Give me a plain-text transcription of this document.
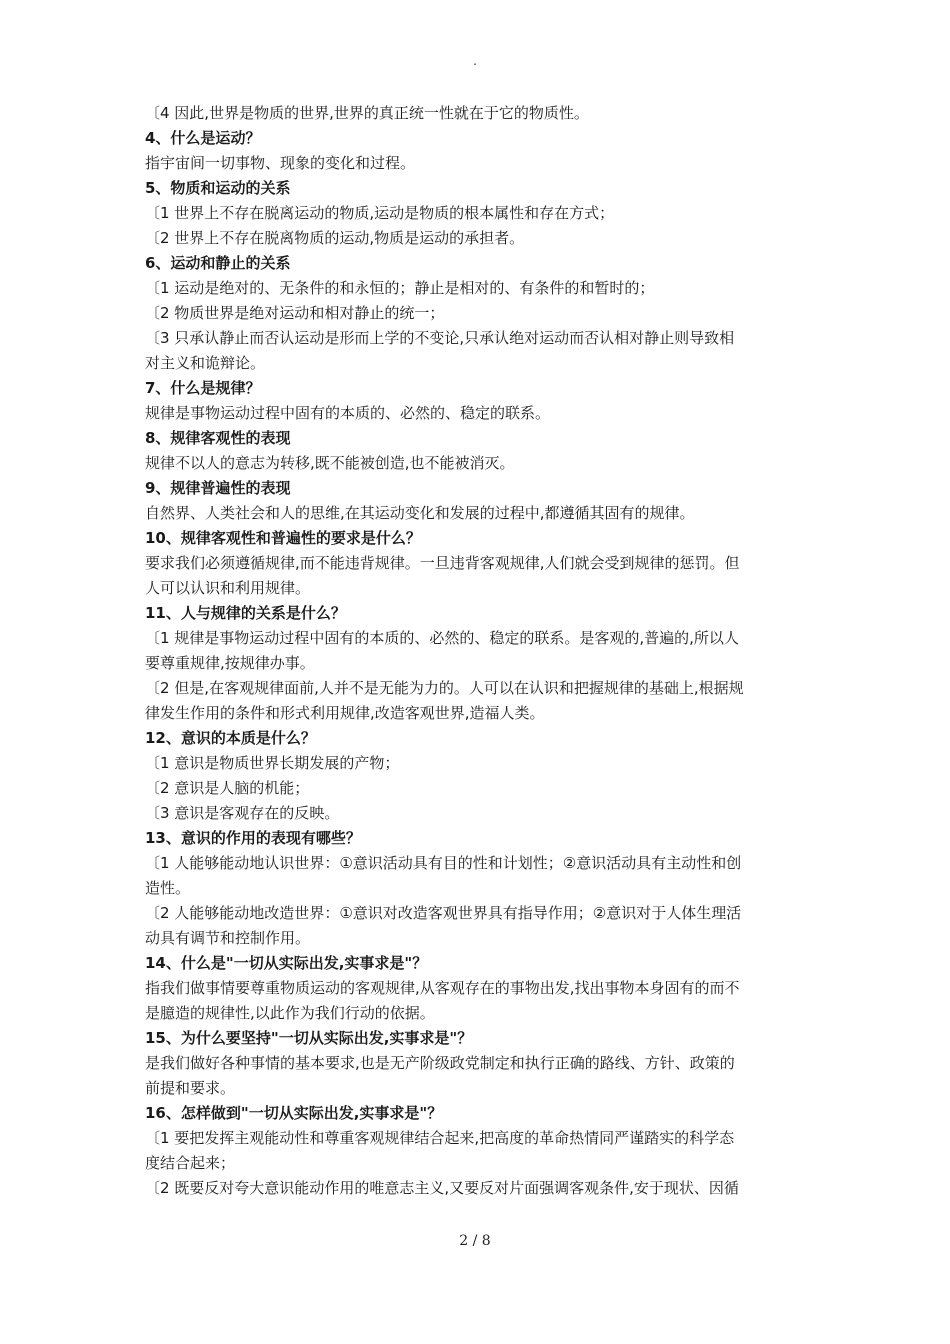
.
〔4 因此,世界是物质的世界,世界的真正统一性就在于它的物质性。
4、什么是运动？
指宇宙间一切事物、现象的变化和过程。
5、物质和运动的关系
〔1 世界上不存在脱离运动的物质,运动是物质的根本属性和存在方式；
〔2 世界上不存在脱离物质的运动,物质是运动的承担者。
6、运动和静止的关系
〔1 运动是绝对的、无条件的和永恒的；静止是相对的、有条件的和暂时的；
〔2 物质世界是绝对运动和相对静止的统一；
〔3 只承认静止而否认运动是形而上学的不变论,只承认绝对运动而否认相对静止则导致相
对主义和诡辩论。
7、什么是规律？
规律是事物运动过程中固有的本质的、必然的、稳定的联系。
8、规律客观性的表现
规律不以人的意志为转移,既不能被创造,也不能被消灭。
9、规律普遍性的表现
自然界、人类社会和人的思维,在其运动变化和发展的过程中,都遵循其固有的规律。
10、规律客观性和普遍性的要求是什么？
要求我们必须遵循规律,而不能违背规律。一旦违背客观规律,人们就会受到规律的惩罚。但
人可以认识和利用规律。
11、人与规律的关系是什么？
〔1 规律是事物运动过程中固有的本质的、必然的、稳定的联系。是客观的,普遍的,所以人
要尊重规律,按规律办事。
〔2 但是,在客观规律面前,人并不是无能为力的。人可以在认识和把握规律的基础上,根据规
律发生作用的条件和形式利用规律,改造客观世界,造福人类。
12、意识的本质是什么？
〔1 意识是物质世界长期发展的产物；
〔2 意识是人脑的机能；
〔3 意识是客观存在的反映。
13、意识的作用的表现有哪些？
〔1 人能够能动地认识世界：①意识活动具有目的性和计划性；②意识活动具有主动性和创
造性。
〔2 人能够能动地改造世界：①意识对改造客观世界具有指导作用；②意识对于人体生理活
动具有调节和控制作用。
14、什么是"一切从实际出发,实事求是"？
指我们做事情要尊重物质运动的客观规律,从客观存在的事物出发,找出事物本身固有的而不
是臆造的规律性,以此作为我们行动的依据。
15、为什么要坚持"一切从实际出发,实事求是"？
是我们做好各种事情的基本要求,也是无产阶级政党制定和执行正确的路线、方针、政策的
前提和要求。
16、怎样做到"一切从实际出发,实事求是"？
〔1 要把发挥主观能动性和尊重客观规律结合起来,把高度的革命热情同严谨踏实的科学态
度结合起来；
〔2 既要反对夸大意识能动作用的唯意志主义,又要反对片面强调客观条件,安于现状、因循
2 / 8
